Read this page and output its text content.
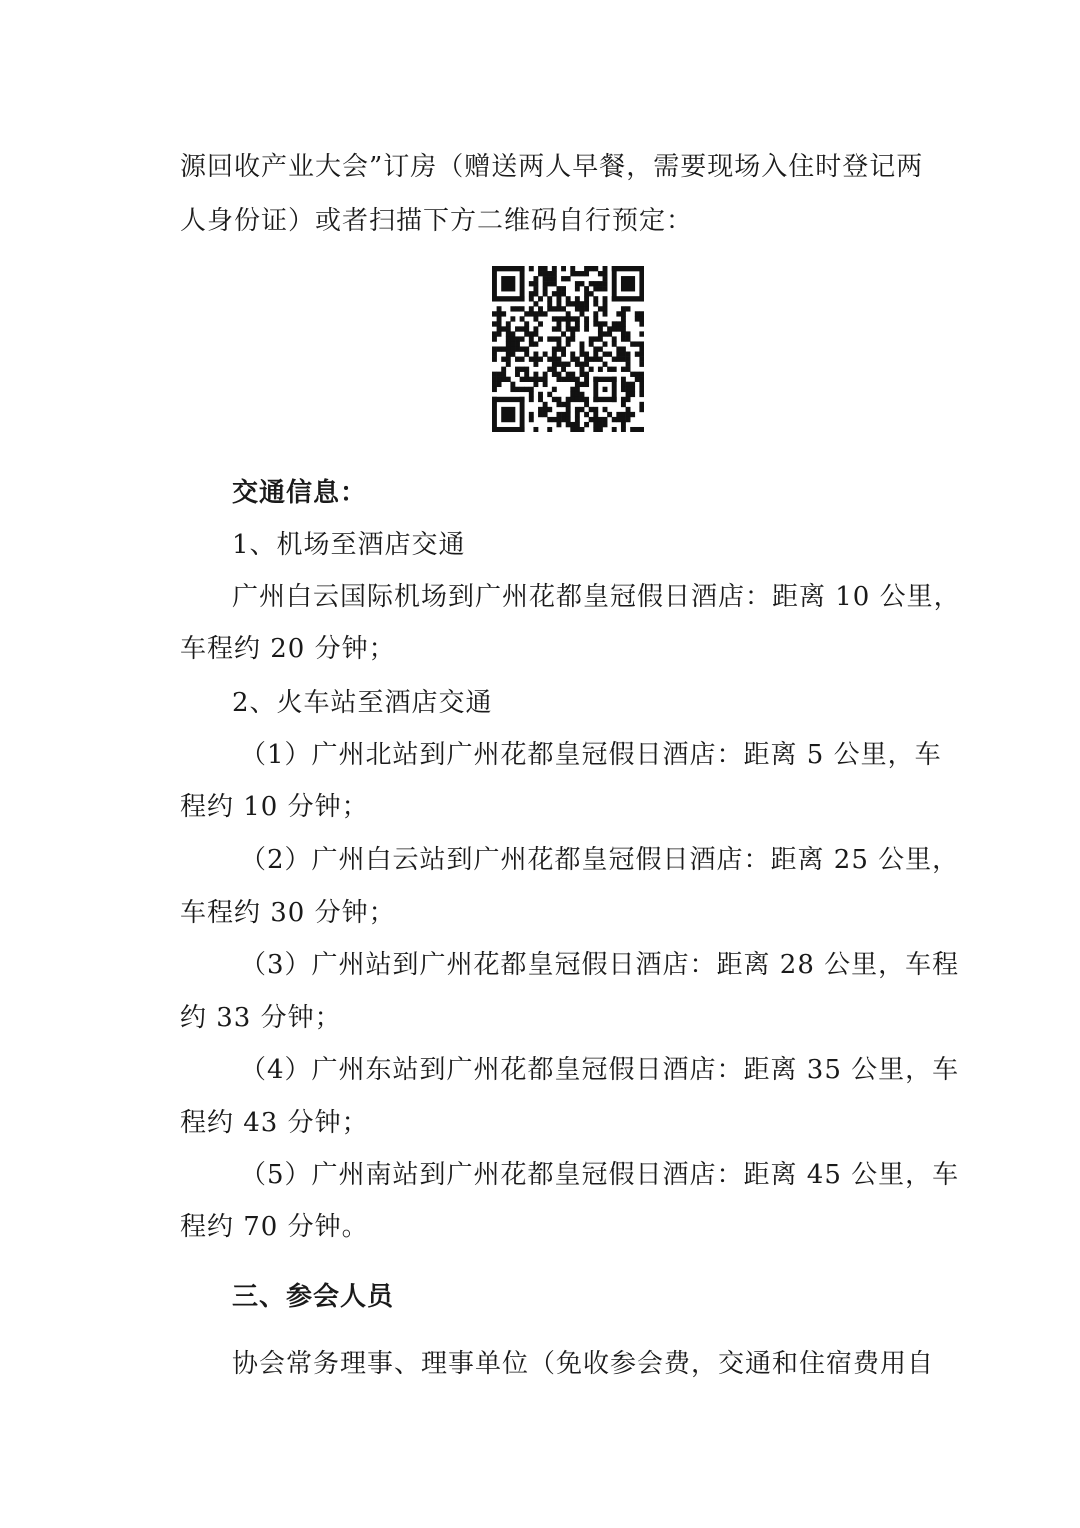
源回收产业大会”订房（赠送两人早餐，需要现场入住时登记两
人身份证）或者扫描下方二维码自行预定：
交通信息：
1、机场至酒店交通
广州白云国际机场到广州花都皇冠假日酒店：距离 10 公里，
车程约 20 分钟；
2、火车站至酒店交通
（1）广州北站到广州花都皇冠假日酒店：距离 5 公里，车
程约 10 分钟；
（2）广州白云站到广州花都皇冠假日酒店：距离 25 公里，
车程约 30 分钟；
（3）广州站到广州花都皇冠假日酒店：距离 28 公里，车程
约 33 分钟；
（4）广州东站到广州花都皇冠假日酒店：距离 35 公里，车
程约 43 分钟；
（5）广州南站到广州花都皇冠假日酒店：距离 45 公里，车
程约 70 分钟。
三、参会人员
协会常务理事、理事单位（免收参会费，交通和住宿费用自
